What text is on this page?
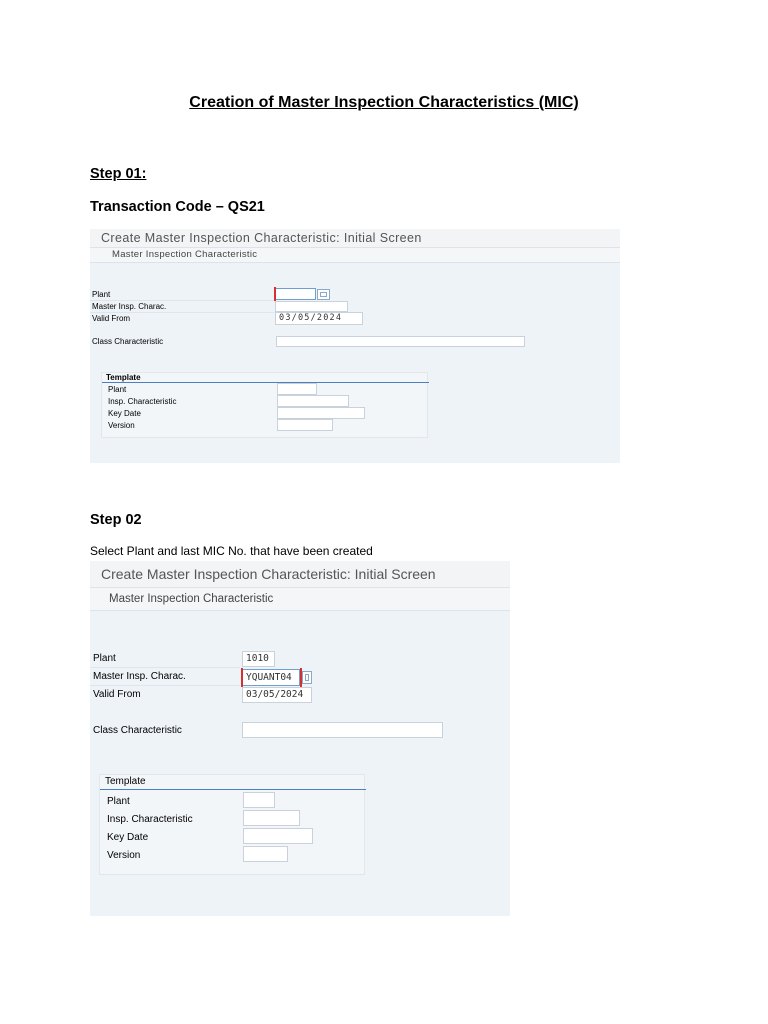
Creation of Master Inspection Characteristics (MIC)
Step 01:
Transaction Code – QS21
Create Master Inspection Characteristic: Initial Screen
Master Inspection Characteristic
Plant
Master Insp. Charac.
Valid From	03/05/2024
Class Characteristic
Template
Plant
Insp. Characteristic
Key Date
Version
Step 02
Select Plant and last MIC No. that have been created
Create Master Inspection Characteristic: Initial Screen
Master Inspection Characteristic
Plant	1010
Master Insp. Charac.	YQUANT04
Valid From	03/05/2024
Class Characteristic
Template
Plant
Insp. Characteristic
Key Date
Version
